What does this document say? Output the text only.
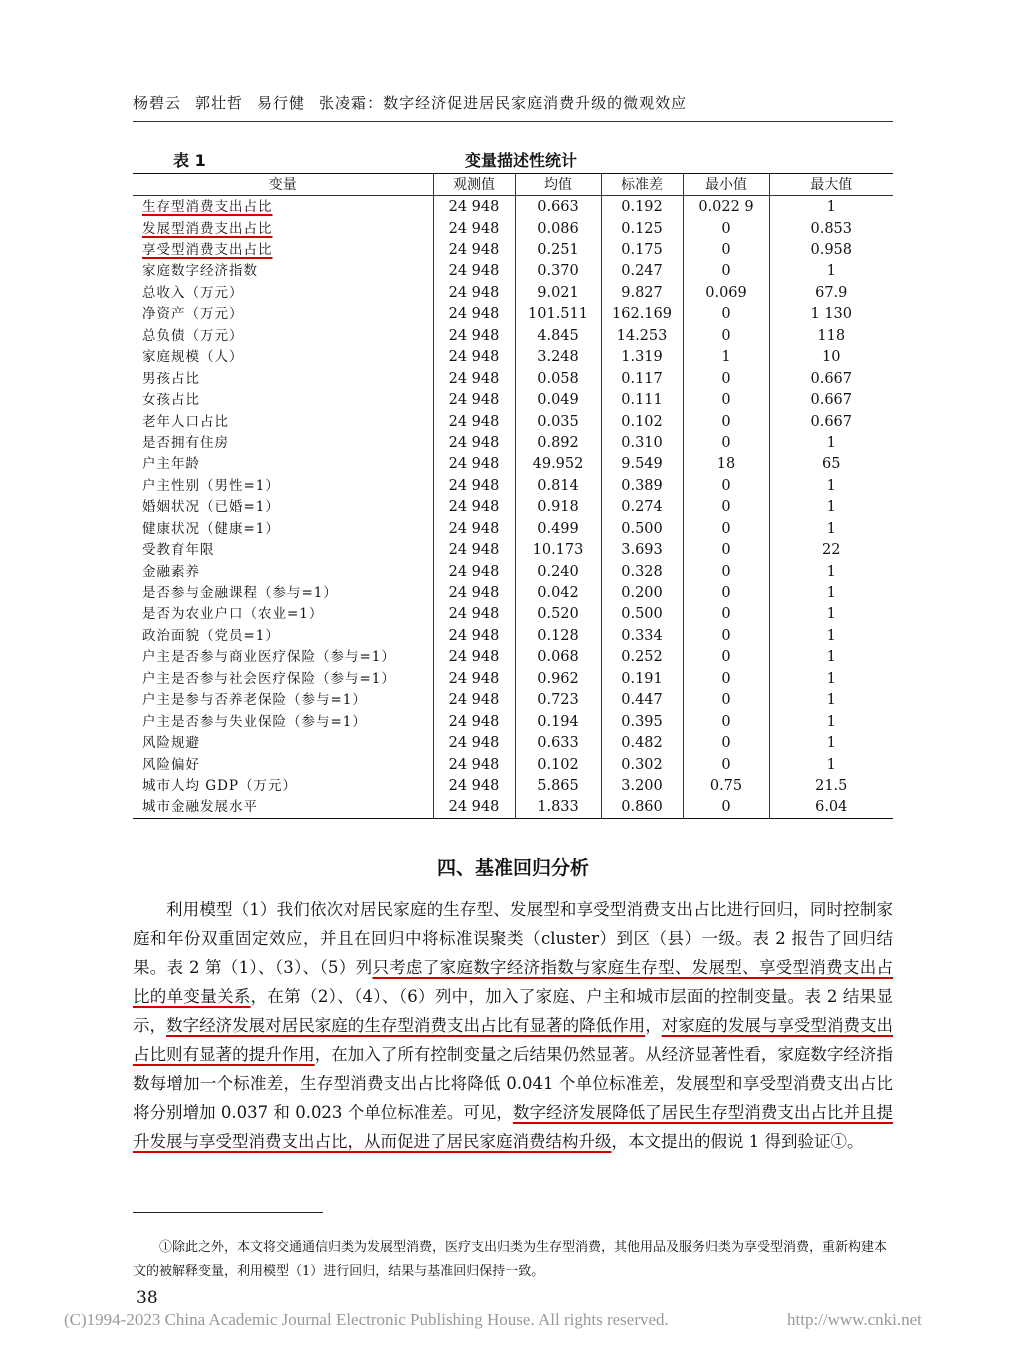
杨碧云 郭壮哲 易行健 张凌霜：数字经济促进居民家庭消费升级的微观效应
表 1	变量描述性统计
变量	观测值	均值	标准差	最小值	最大值
生存型消费支出占比	24 948	0.663	0.192	0.022 9	1
发展型消费支出占比	24 948	0.086	0.125	0	0.853
享受型消费支出占比	24 948	0.251	0.175	0	0.958
家庭数字经济指数	24 948	0.370	0.247	0	1
总收入（万元）	24 948	9.021	9.827	0.069	67.9
净资产（万元）	24 948	101.511	162.169	0	1 130
总负债（万元）	24 948	4.845	14.253	0	118
家庭规模（人）	24 948	3.248	1.319	1	10
男孩占比	24 948	0.058	0.117	0	0.667
女孩占比	24 948	0.049	0.111	0	0.667
老年人口占比	24 948	0.035	0.102	0	0.667
是否拥有住房	24 948	0.892	0.310	0	1
户主年龄	24 948	49.952	9.549	18	65
户主性别（男性=1）	24 948	0.814	0.389	0	1
婚姻状况（已婚=1）	24 948	0.918	0.274	0	1
健康状况（健康=1）	24 948	0.499	0.500	0	1
受教育年限	24 948	10.173	3.693	0	22
金融素养	24 948	0.240	0.328	0	1
是否参与金融课程（参与=1）	24 948	0.042	0.200	0	1
是否为农业户口（农业=1）	24 948	0.520	0.500	0	1
政治面貌（党员=1）	24 948	0.128	0.334	0	1
户主是否参与商业医疗保险（参与=1）	24 948	0.068	0.252	0	1
户主是否参与社会医疗保险（参与=1）	24 948	0.962	0.191	0	1
户主是参与否养老保险（参与=1）	24 948	0.723	0.447	0	1
户主是否参与失业保险（参与=1）	24 948	0.194	0.395	0	1
风险规避	24 948	0.633	0.482	0	1
风险偏好	24 948	0.102	0.302	0	1
城市人均 GDP（万元）	24 948	5.865	3.200	0.75	21.5
城市金融发展水平	24 948	1.833	0.860	0	6.04
四、基准回归分析

利用模型（1）我们依次对居民家庭的生存型、发展型和享受型消费支出占比进行回归，同时控制家庭和年份双重固定效应，并且在回归中将标准误聚类（cluster）到区（县）一级。表 2 报告了回归结果。表 2 第（1）、（3）、（5）列只考虑了家庭数字经济指数与家庭生存型、发展型、享受型消费支出占比的单变量关系，在第（2）、（4）、（6）列中，加入了家庭、户主和城市层面的控制变量。表 2 结果显示，数字经济发展对居民家庭的生存型消费支出占比有显著的降低作用，对家庭的发展与享受型消费支出占比则有显著的提升作用，在加入了所有控制变量之后结果仍然显著。从经济显著性看，家庭数字经济指数每增加一个标准差，生存型消费支出占比将降低 0.041 个单位标准差，发展型和享受型消费支出占比将分别增加 0.037 和 0.023 个单位标准差。可见，数字经济发展降低了居民生存型消费支出占比并且提升发展与享受型消费支出占比，从而促进了居民家庭消费结构升级，本文提出的假说 1 得到验证①。

①除此之外，本文将交通通信归类为发展型消费，医疗支出归类为生存型消费，其他用品及服务归类为享受型消费，重新构建本文的被解释变量，利用模型（1）进行回归，结果与基准回归保持一致。

38
(C)1994-2023 China Academic Journal Electronic Publishing House. All rights reserved.	http://www.cnki.net
